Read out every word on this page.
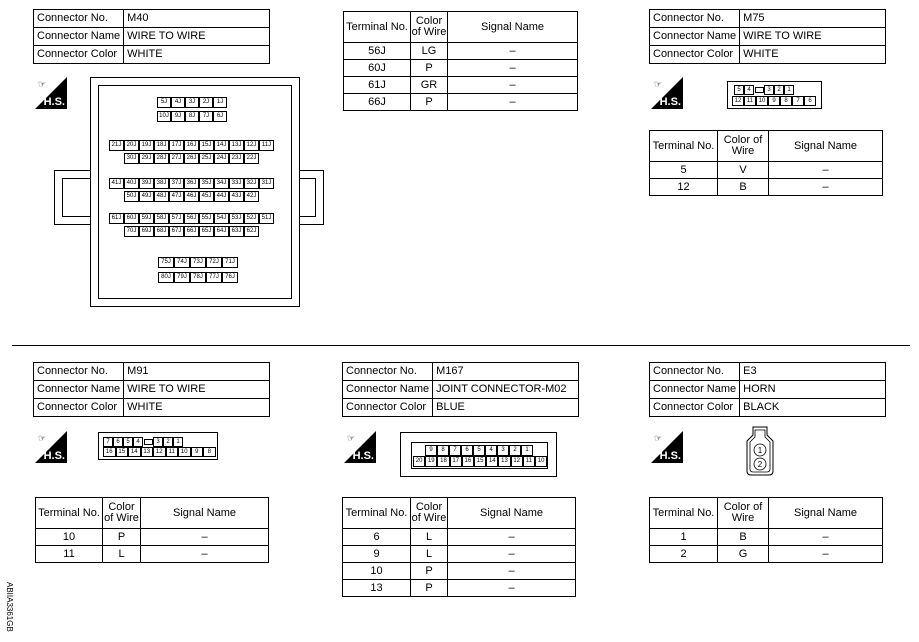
Connector No.	M40
Connector Name	WIRE TO WIRE
Connector Color	WHITE
☞
H.S.	5J	4J	3J	2J	1J
10J 9J	8J	7J	6J
21J 20J 19J 18J 17J 16J 15J 14J 13J 12J 11J
30J 29J 28J 27J 26J 25J 24J 23J 22J
41J 40J 39J 38J 37J 36J 35J 34J 33J 32J 31J
50J 49J 48J 47J 46J 45J 44J 43J 42J
61J 60J 59J 58J 57J 56J 55J 54J 53J 52J 51J
70J 69J 68J 67J 66J 65J 64J 63J 62J
75J	74J	73J	72J	71J
80J	79J	78J	77J	76J
Terminal No.	Color of Wire	Signal Name
56J	LG	–
60J	P	–
61J	GR	–
66J	P	–
Connector No.	M75
Connector Name	WIRE TO WIRE
Connector Color	WHITE
☞
H.S.
5	4	3	2	1
12 11 10	9	8	7	6
Terminal No.	Color of Wire	Signal Name
5	V	–
12	B	–
Connector No.	M91
Connector Name	WIRE TO WIRE
Connector Color	WHITE
☞
H.S.
7	6	5	4	3	2	1
16 15 14 13 12	11	10	9	8
Terminal No.	Color of Wire	Signal Name
10	P	–
11	L	–
Connector No.	M167
Connector Name	JOINT CONNECTOR-M02
Connector Color	BLUE
☞
H.S.	9	8	7	6	5	4	3	2	1
20 19 18 17 16 15 14 13 12 11 10
Terminal No.	Color of Wire	Signal Name
6	L	–
9	L	–
10	P	–
13	P	–
Connector No.	E3
Connector Name	HORN
Connector Color	BLACK
☞
H.S.	1
2
Terminal No.	Color of Wire	Signal Name
1	B	–
2	G	–
ABIIA3361GB
